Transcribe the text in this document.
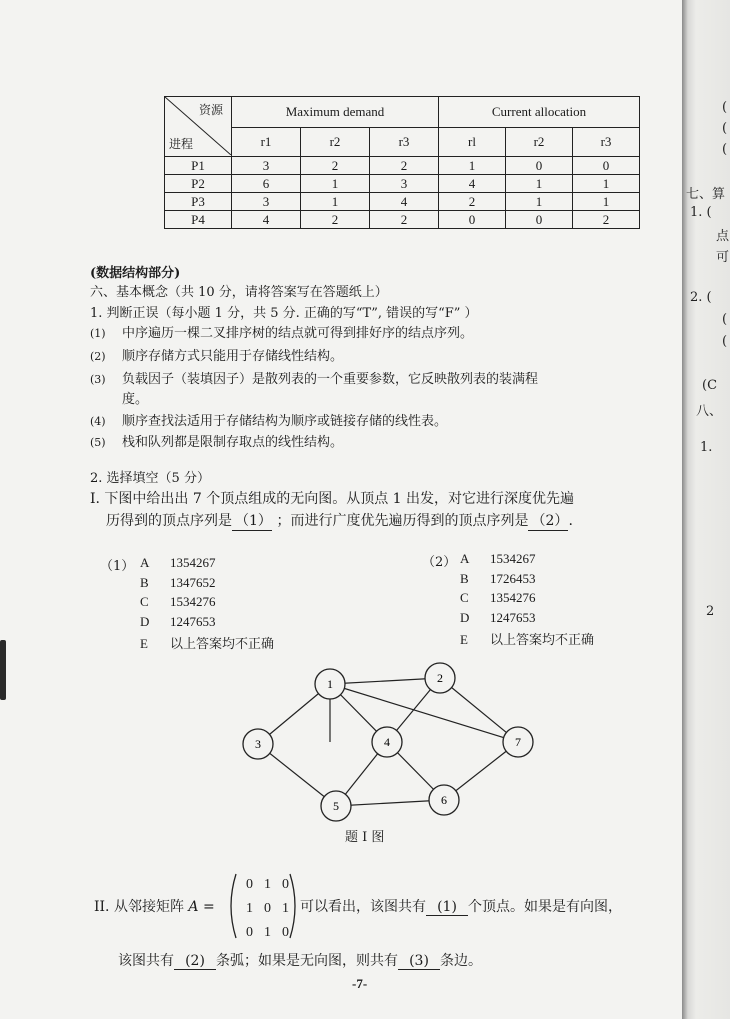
资源
进程	Maximum demand			Current allocation		
	r1	r2	r3	rl	r2	r3
P1	3	2	2	1	0	0
P2	6	1	3	4	1	1
P3	3	1	4	2	1	1
P4	4	2	2	0	0	2
(数据结构部分)
六、基本概念（共 10 分，请将答案写在答题纸上）
1. 判断正误（每小题 1 分，共 5 分. 正确的写“T”, 错误的写“F” ）
(1) 中序遍历一棵二叉排序树的结点就可得到排好序的结点序列。
(2) 顺序存储方式只能用于存储线性结构。
(3) 负载因子（装填因子）是散列表的一个重要参数，它反映散列表的装满程
度。
(4) 顺序查找法适用于存储结构为顺序或链接存储的线性表。
(5) 栈和队列都是限制存取点的线性结构。
2. 选择填空（5 分）
I. 下图中给出出 7 个顶点组成的无向图。从顶点 1 出发，对它进行深度优先遍
历得到的顶点序列是 （1） ；而进行广度优先遍历得到的顶点序列是 （2）.
（1） A 1354267
B 1347652
C 1534276
D 1247653
E 以上答案均不正确
（2） A 1534267
B 1726453
C 1354276
D 1247653
E 以上答案均不正确
1	2
3	4
5	6
7
题 I 图
II. 从邻接矩阵 A =
0 1 0
1 0 1
0 1 0
可以看出，该图共有 (1) 个顶点。如果是有向图，
该图共有 (2) 条弧；如果是无向图，则共有 (3) 条边。
-7-
(
(
(
七、算
1. (
点
可
2. (
(
(
(C
八、
1.
2
